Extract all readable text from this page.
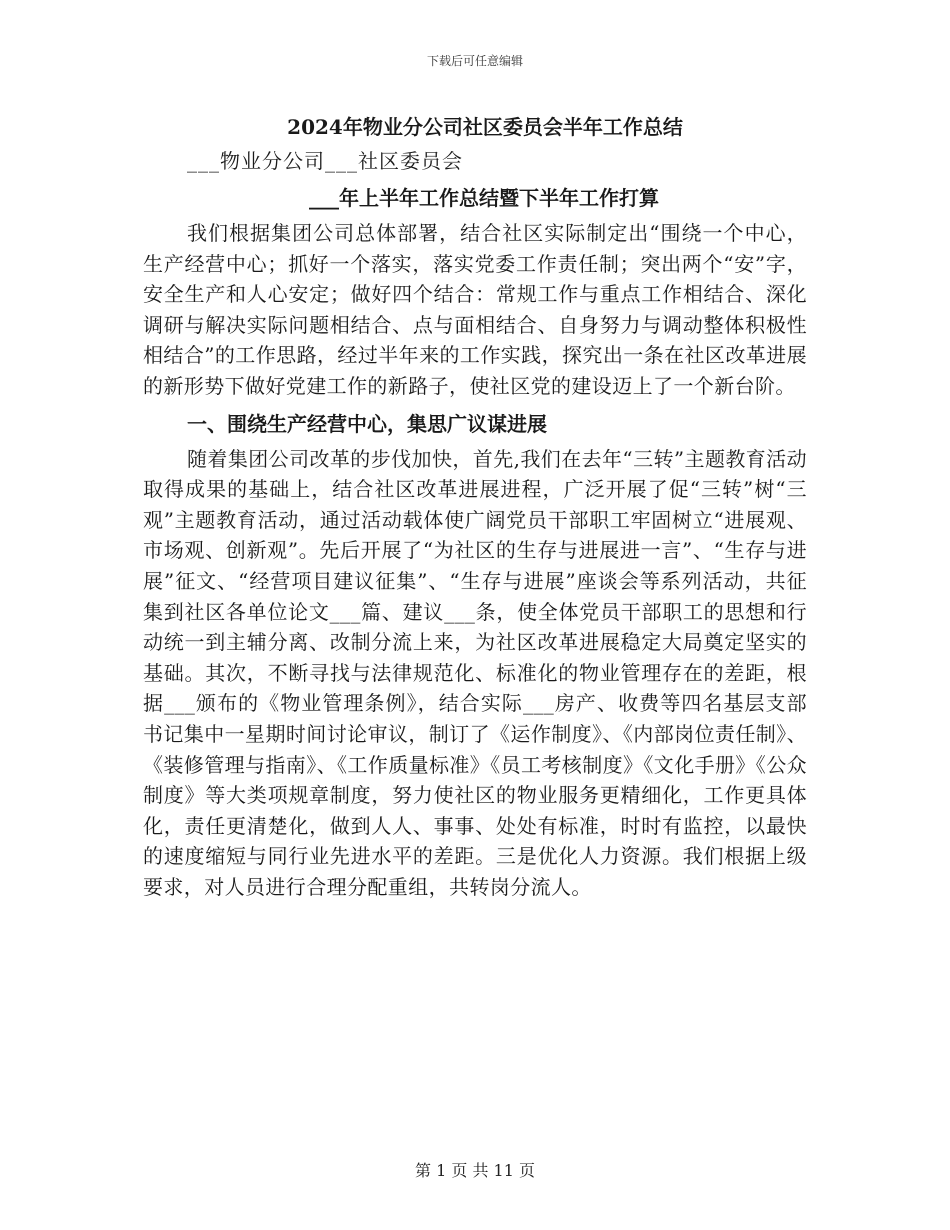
下载后可任意编辑

2024年物业分公司社区委员会半年工作总结

___物业分公司___社区委员会

___年上半年工作总结暨下半年工作打算

我们根据集团公司总体部署，结合社区实际制定出“围绕一个中心，生产经营中心；抓好一个落实，落实党委工作责任制；突出两个“安”字，安全生产和人心安定；做好四个结合：常规工作与重点工作相结合、深化调研与解决实际问题相结合、点与面相结合、自身努力与调动整体积极性相结合”的工作思路，经过半年来的工作实践，探究出一条在社区改革进展的新形势下做好党建工作的新路子，使社区党的建设迈上了一个新台阶。

一、围绕生产经营中心，集思广议谋进展

随着集团公司改革的步伐加快，首先,我们在去年“三转”主题教育活动取得成果的基础上，结合社区改革进展进程，广泛开展了促“三转”树“三观”主题教育活动，通过活动载体使广阔党员干部职工牢固树立“进展观、市场观、创新观”。先后开展了“为社区的生存与进展进一言”、“生存与进展”征文、“经营项目建议征集”、“生存与进展”座谈会等系列活动，共征集到社区各单位论文___篇、建议___条，使全体党员干部职工的思想和行动统一到主辅分离、改制分流上来，为社区改革进展稳定大局奠定坚实的基础。其次，不断寻找与法律规范化、标准化的物业管理存在的差距，根据___颁布的《物业管理条例》，结合实际___房产、收费等四名基层支部书记集中一星期时间讨论审议，制订了《运作制度》、《内部岗位责任制》、《装修管理与指南》、《工作质量标准》《员工考核制度》《文化手册》《公众制度》等大类项规章制度，努力使社区的物业服务更精细化，工作更具体化，责任更清楚化，做到人人、事事、处处有标准，时时有监控，以最快的速度缩短与同行业先进水平的差距。三是优化人力资源。我们根据上级要求，对人员进行合理分配重组，共转岗分流人。

第 1 页 共 11 页
